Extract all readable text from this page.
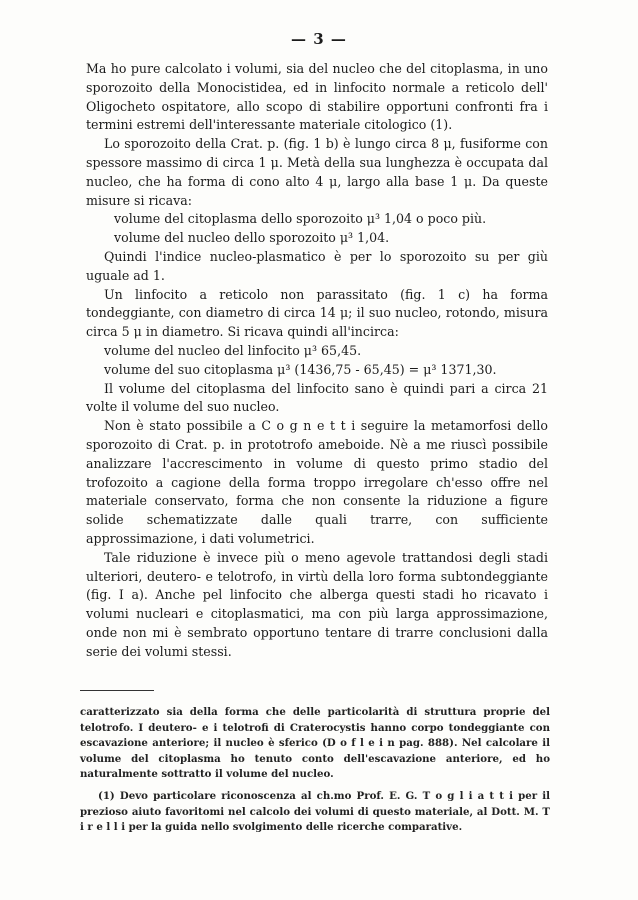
— 3 —

Ma ho pure calcolato i volumi, sia del nucleo che del citoplasma, in uno sporozoito della Monocistidea, ed in linfocito normale a reticolo dell' Oligocheto ospitatore, allo scopo di stabilire opportuni confronti fra i termini estremi dell'interessante materiale citologico (1).

Lo sporozoito della Crat. p. (fig. 1 b) è lungo circa 8 μ, fusiforme con spessore massimo di circa 1 μ. Metà della sua lunghezza è occupata dal nucleo, che ha forma di cono alto 4 μ, largo alla base 1 μ. Da queste misure si ricava:

volume del citoplasma dello sporozoito μ³ 1,04 o poco più.

volume del nucleo dello sporozoito μ³ 1,04.

Quindi l'indice nucleo-plasmatico è per lo sporozoito su per giù uguale ad 1.

Un linfocito a reticolo non parassitato (fig. 1 c) ha forma tondeggiante, con diametro di circa 14 μ; il suo nucleo, rotondo, misura circa 5 μ in diametro. Si ricava quindi all'incirca:

volume del nucleo del linfocito μ³ 65,45.

volume del suo citoplasma μ³ (1436,75 - 65,45) = μ³ 1371,30.

Il volume del citoplasma del linfocito sano è quindi pari a circa 21 volte il volume del suo nucleo.

Non è stato possibile a C o g n e t t i seguire la metamorfosi dello sporozoito di Crat. p. in prototrofo ameboide. Nè a me riuscì possibile analizzare l'accrescimento in volume di questo primo stadio del trofozoito a cagione della forma troppo irregolare ch'esso offre nel materiale conservato, forma che non consente la riduzione a figure solide schematizzate dalle quali trarre, con sufficiente approssimazione, i dati volumetrici.

Tale riduzione è invece più o meno agevole trattandosi degli stadi ulteriori, deutero- e telotrofo, in virtù della loro forma subtondeggiante (fig. I a). Anche pel linfocito che alberga questi stadi ho ricavato i volumi nucleari e citoplasmatici, ma con più larga approssimazione, onde non mi è sembrato opportuno tentare di trarre conclusioni dalla serie dei volumi stessi.

caratterizzato sia della forma che delle particolarità di struttura proprie del telotrofo. I deutero- e i telotrofi di Craterocystis hanno corpo tondeggiante con escavazione anteriore; il nucleo è sferico (D o f l e i n pag. 888). Nel calcolare il volume del citoplasma ho tenuto conto dell'escavazione anteriore, ed ho naturalmente sottratto il volume del nucleo.

(1) Devo particolare riconoscenza al ch.mo Prof. E. G. T o g l i a t t i per il prezioso aiuto favoritomi nel calcolo dei volumi di questo materiale, al Dott. M. T i r e l l i per la guida nello svolgimento delle ricerche comparative.
